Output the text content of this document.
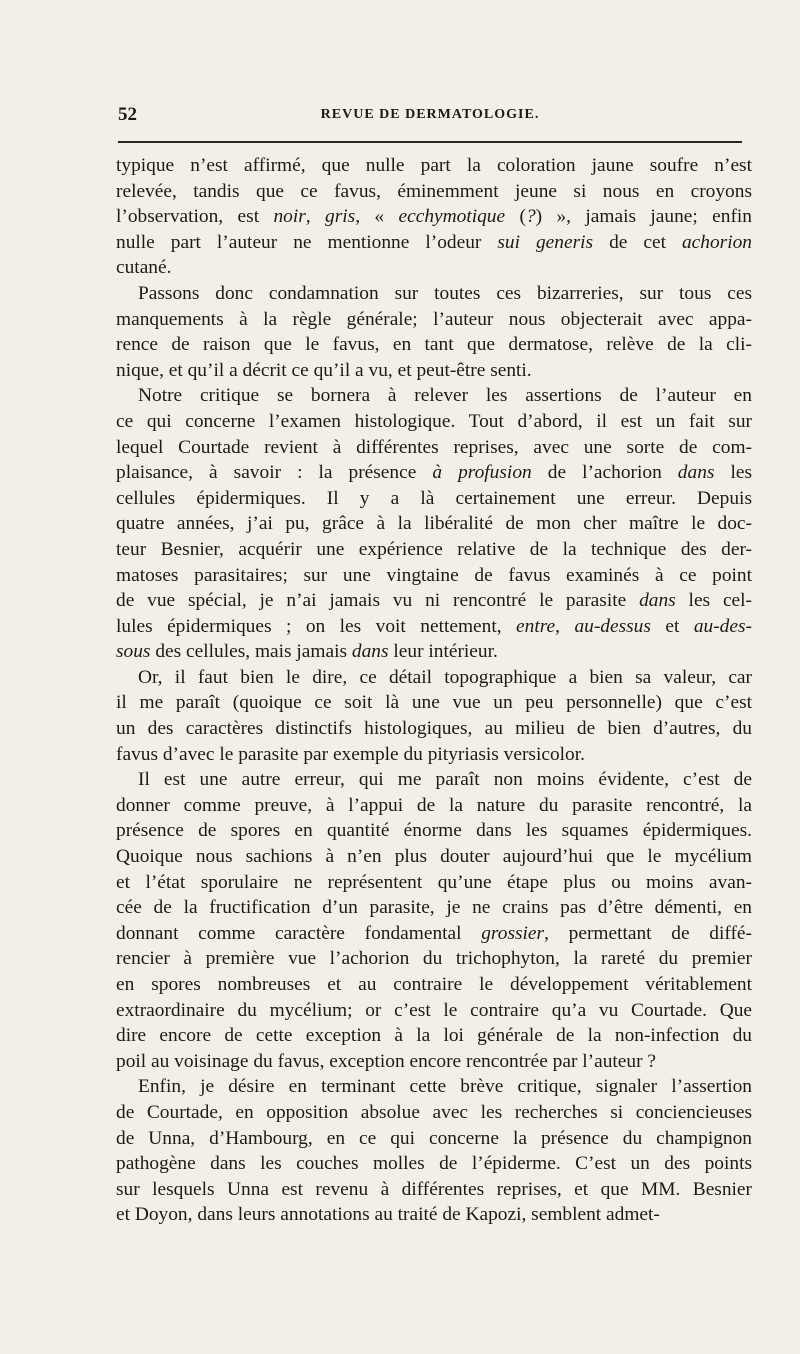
52	REVUE DE DERMATOLOGIE.
typique n’est affirmé, que nulle part la coloration jaune soufre n’est
relevée, tandis que ce favus, éminemment jeune si nous en croyons
l’observation, est noir, gris, « ecchymotique (?) », jamais jaune; enfin
nulle part l’auteur ne mentionne l’odeur sui generis de cet achorion
cutané.
Passons donc condamnation sur toutes ces bizarreries, sur tous ces
manquements à la règle générale; l’auteur nous objecterait avec appa-
rence de raison que le favus, en tant que dermatose, relève de la cli-
nique, et qu’il a décrit ce qu’il a vu, et peut-être senti.
Notre critique se bornera à relever les assertions de l’auteur en
ce qui concerne l’examen histologique. Tout d’abord, il est un fait sur
lequel Courtade revient à différentes reprises, avec une sorte de com-
plaisance, à savoir : la présence à profusion de l’achorion dans les
cellules épidermiques. Il y a là certainement une erreur. Depuis
quatre années, j’ai pu, grâce à la libéralité de mon cher maître le doc-
teur Besnier, acquérir une expérience relative de la technique des der-
matoses parasitaires; sur une vingtaine de favus examinés à ce point
de vue spécial, je n’ai jamais vu ni rencontré le parasite dans les cel-
lules épidermiques ; on les voit nettement, entre, au-dessus et au-des-
sous des cellules, mais jamais dans leur intérieur.
Or, il faut bien le dire, ce détail topographique a bien sa valeur, car
il me paraît (quoique ce soit là une vue un peu personnelle) que c’est
un des caractères distinctifs histologiques, au milieu de bien d’autres, du
favus d’avec le parasite par exemple du pityriasis versicolor.
Il est une autre erreur, qui me paraît non moins évidente, c’est de
donner comme preuve, à l’appui de la nature du parasite rencontré, la
présence de spores en quantité énorme dans les squames épidermiques.
Quoique nous sachions à n’en plus douter aujourd’hui que le mycélium
et l’état sporulaire ne représentent qu’une étape plus ou moins avan-
cée de la fructification d’un parasite, je ne crains pas d’être démenti, en
donnant comme caractère fondamental grossier, permettant de diffé-
rencier à première vue l’achorion du trichophyton, la rareté du premier
en spores nombreuses et au contraire le développement véritablement
extraordinaire du mycélium; or c’est le contraire qu’a vu Courtade. Que
dire encore de cette exception à la loi générale de la non-infection du
poil au voisinage du favus, exception encore rencontrée par l’auteur ?
Enfin, je désire en terminant cette brève critique, signaler l’assertion
de Courtade, en opposition absolue avec les recherches si conciencieuses
de Unna, d’Hambourg, en ce qui concerne la présence du champignon
pathogène dans les couches molles de l’épiderme. C’est un des points
sur lesquels Unna est revenu à différentes reprises, et que MM. Besnier
et Doyon, dans leurs annotations au traité de Kapozi, semblent admet-
